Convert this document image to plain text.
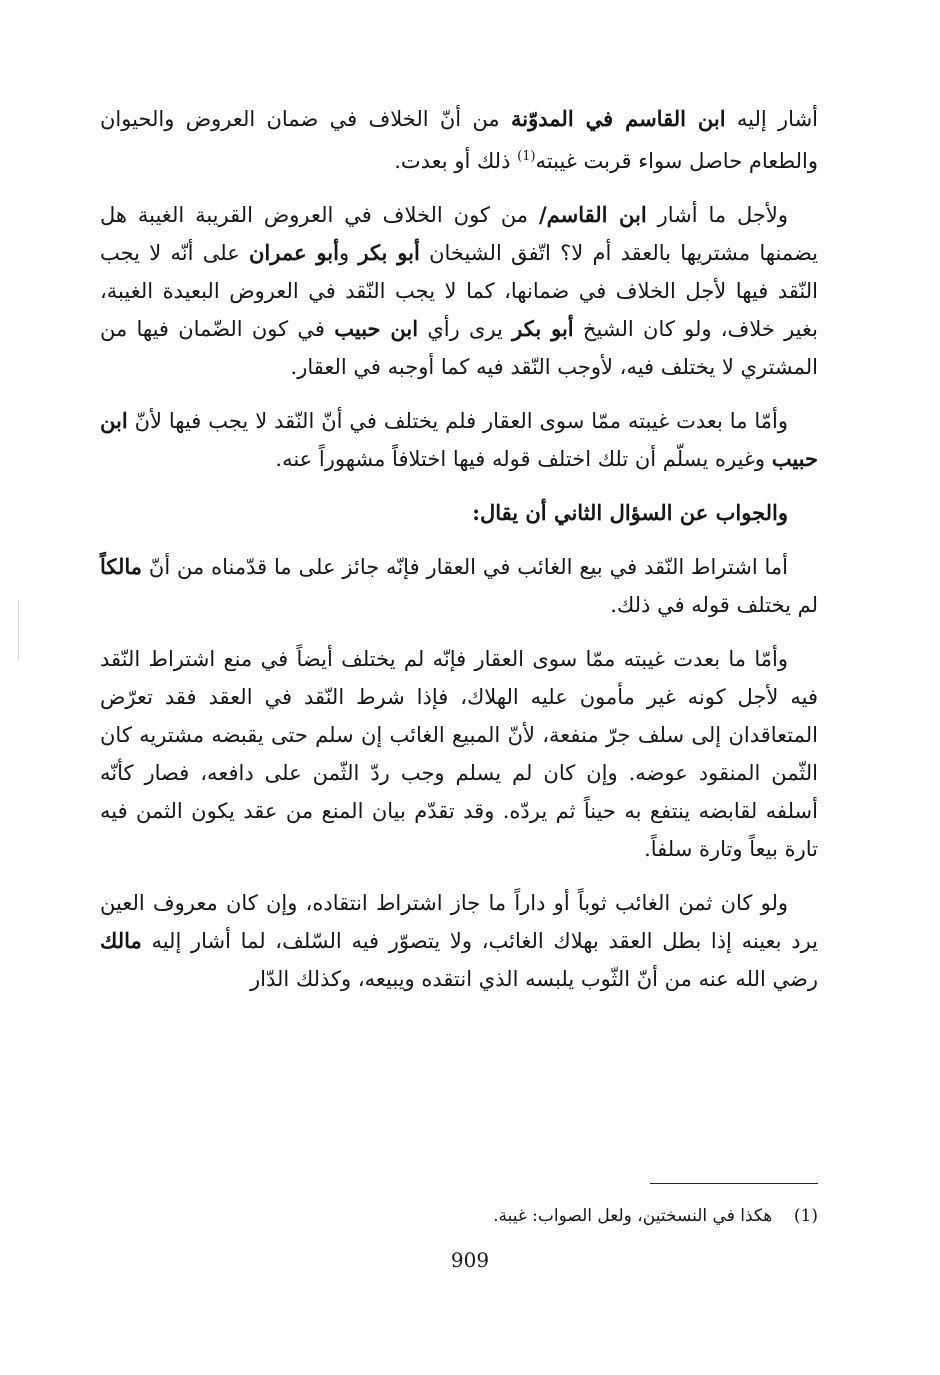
أشار إليه ابن القاسم في المدوّنة من أنّ الخلاف في ضمان العروض والحيوان والطعام حاصل سواء قربت غيبته$^{(1)}$ ذلك أو بعدت.

ولأجل ما أشار ابن القاسم/ من كون الخلاف في العروض القريبة الغيبة هل يضمنها مشتريها بالعقد أم لا؟ اتّفق الشيخان أبو بكر وأبو عمران على أنّه لا يجب النّقد فيها لأجل الخلاف في ضمانها، كما لا يجب النّقد في العروض البعيدة الغيبة، بغير خلاف، ولو كان الشيخ أبو بكر يرى رأي ابن حبيب في كون الضّمان فيها من المشتري لا يختلف فيه، لأوجب النّقد فيه كما أوجبه في العقار.

وأمّا ما بعدت غيبته ممّا سوى العقار فلم يختلف في أنّ النّقد لا يجب فيها لأنّ ابن حبيب وغيره يسلّم أن تلك اختلف قوله فيها اختلافاً مشهوراً عنه.

والجواب عن السؤال الثاني أن يقال:

أما اشتراط النّقد في بيع الغائب في العقار فإنّه جائز على ما قدّمناه من أنّ مالكاً لم يختلف قوله في ذلك.

وأمّا ما بعدت غيبته ممّا سوى العقار فإنّه لم يختلف أيضاً في منع اشتراط النّقد فيه لأجل كونه غير مأمون عليه الهلاك، فإذا شرط النّقد في العقد فقد تعرّض المتعاقدان إلى سلف جرّ منفعة، لأنّ المبيع الغائب إن سلم حتى يقبضه مشتريه كان الثّمن المنقود عوضه. وإن كان لم يسلم وجب ردّ الثّمن على دافعه، فصار كأنّه أسلفه لقابضه ينتفع به حيناً ثم يردّه. وقد تقدّم بيان المنع من عقد يكون الثمن فيه تارة بيعاً وتارة سلفاً.

ولو كان ثمن الغائب ثوباً أو داراً ما جاز اشتراط انتقاده، وإن كان معروف العين يرد بعينه إذا بطل العقد بهلاك الغائب، ولا يتصوّر فيه السّلف، لما أشار إليه مالك رضي الله عنه من أنّ الثّوب يلبسه الذي انتقده ويبيعه، وكذلك الدّار

(1)    هكذا في النسختين، ولعل الصواب: غيبة.
909
